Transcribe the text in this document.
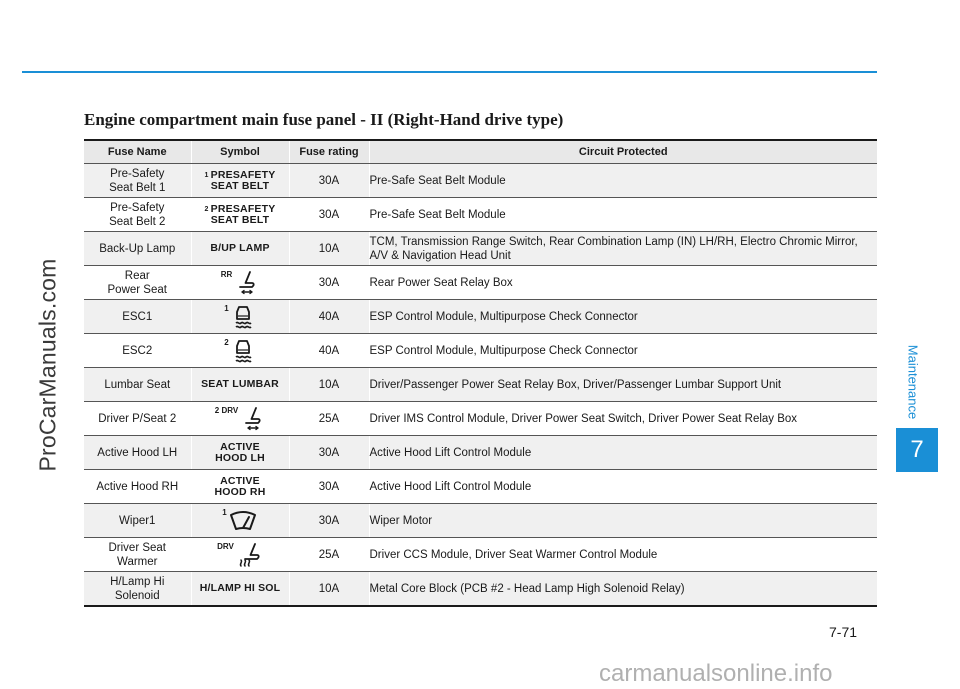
Engine compartment main fuse panel - II (Right-Hand drive type)
ProCarManuals.com	Maintenance
7
Fuse Name	Symbol	Fuse rating	Circuit Protected
Pre-Safety
Seat Belt 1	$^1$ PRESAFETY
SEAT BELT	30A	Pre-Safe Seat Belt Module
Pre-Safety
Seat Belt 2	$^2$ PRESAFETY
SEAT BELT	30A	Pre-Safe Seat Belt Module
Back-Up Lamp	B/UP LAMP	10A	TCM, Transmission Range Switch, Rear Combination Lamp (IN) LH/RH, Electro Chromic Mirror, A/V & Navigation Head Unit
Rear
Power Seat	RR	30A	Rear Power Seat Relay Box
ESC1	1	40A	ESP Control Module, Multipurpose Check Connector
ESC2	2	40A	ESP Control Module, Multipurpose Check Connector
Lumbar Seat	SEAT LUMBAR	10A	Driver/Passenger Power Seat Relay Box, Driver/Passenger Lumbar Support Unit
Driver P/Seat 2	2 DRV	25A	Driver IMS Control Module, Driver Power Seat Switch, Driver Power Seat Relay Box
Active Hood LH	ACTIVE
HOOD LH	30A	Active Hood Lift Control Module
Active Hood RH	ACTIVE
HOOD RH	30A	Active Hood Lift Control Module
Wiper1	1	30A	Wiper Motor
Driver Seat
Warmer	DRV	25A	Driver CCS Module, Driver Seat Warmer Control Module
H/Lamp Hi
Solenoid	H/LAMP HI SOL	10A	Metal Core Block (PCB #2 - Head Lamp High Solenoid Relay)
7-71
carmanualsonline.info
